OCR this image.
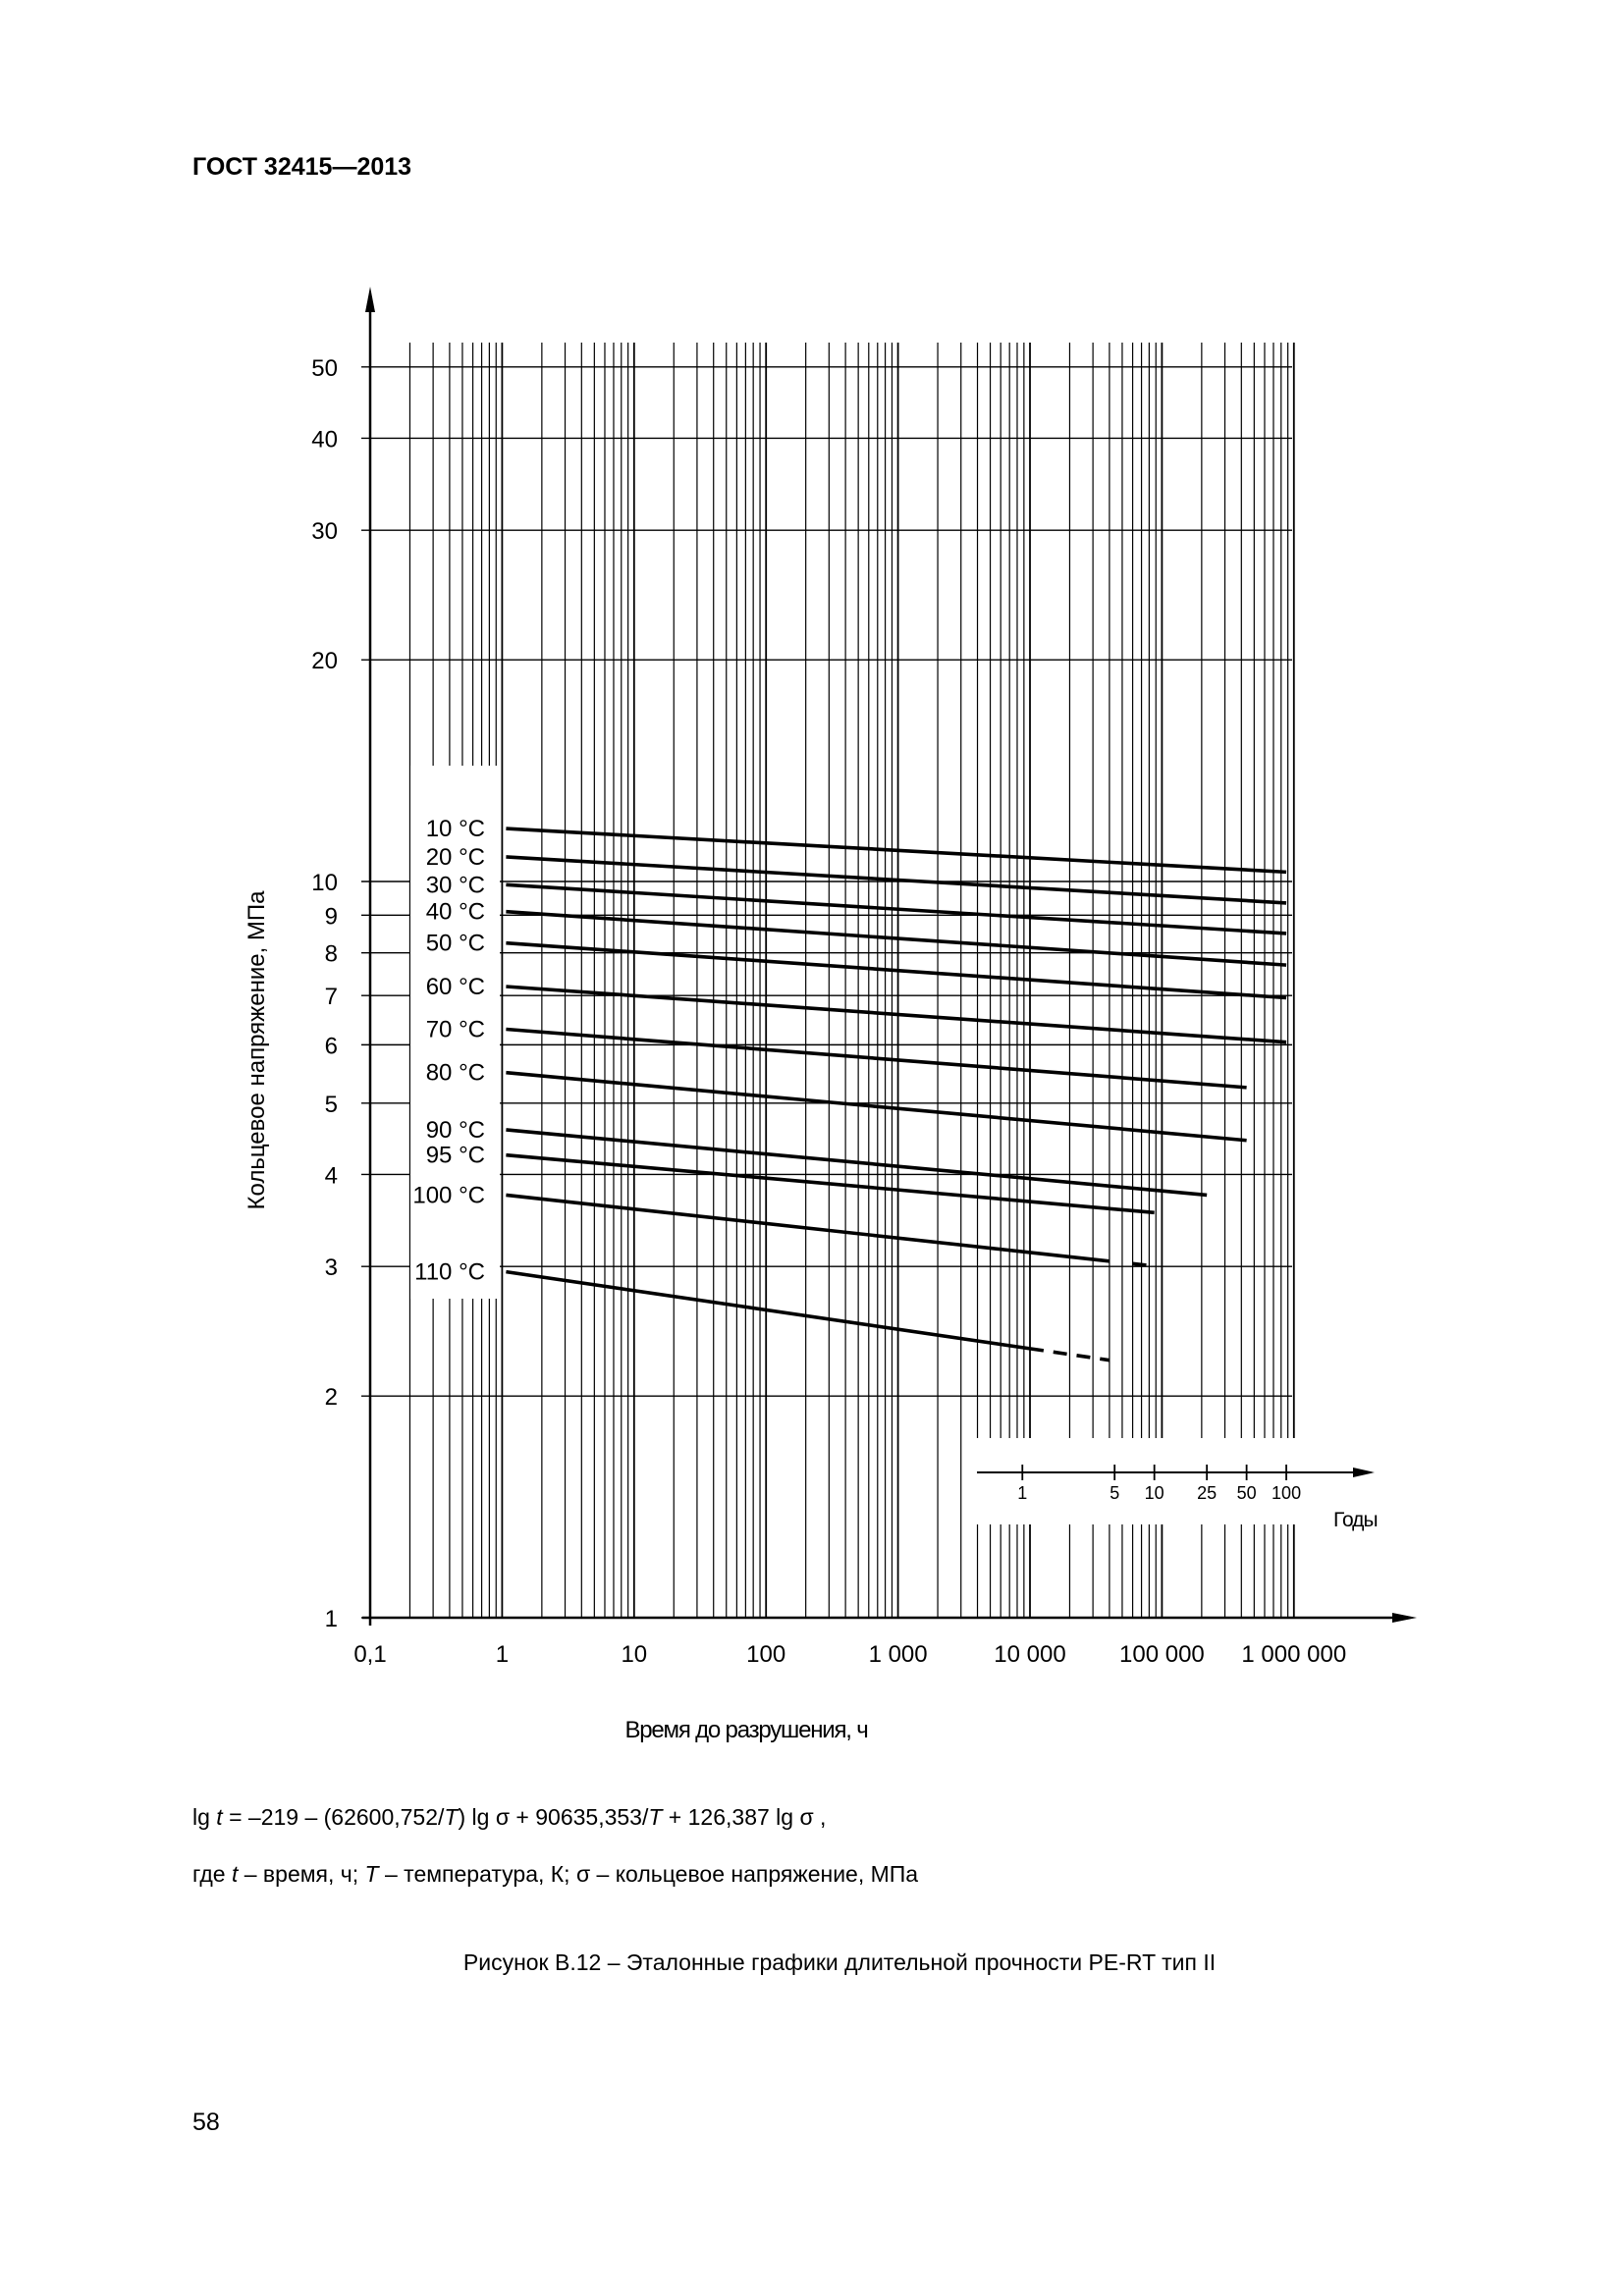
ГОСТ 32415—2013
0,1	1	10	100	1 000	10 000 100 000 1 000 000
1
2
3
4
5
6
7
8
9
10
20
30
40
50
Время до разрушения, ч
Кольцевое напряжение, МПа
10 °C
20 °C
30 °C
40 °C
50 °C
60 °C
70 °C
80 °C
90 °C
95 °C
100 °C
110 °C
1	5 10 25 50 100
Годы
lg t = –219 – (62600,752/T) lg σ + 90635,353/T + 126,387 lg σ ,
где t – время, ч; T – температура, К; σ – кольцевое напряжение, МПа
Рисунок В.12 – Эталонные графики длительной прочности PE-RT тип II
58
